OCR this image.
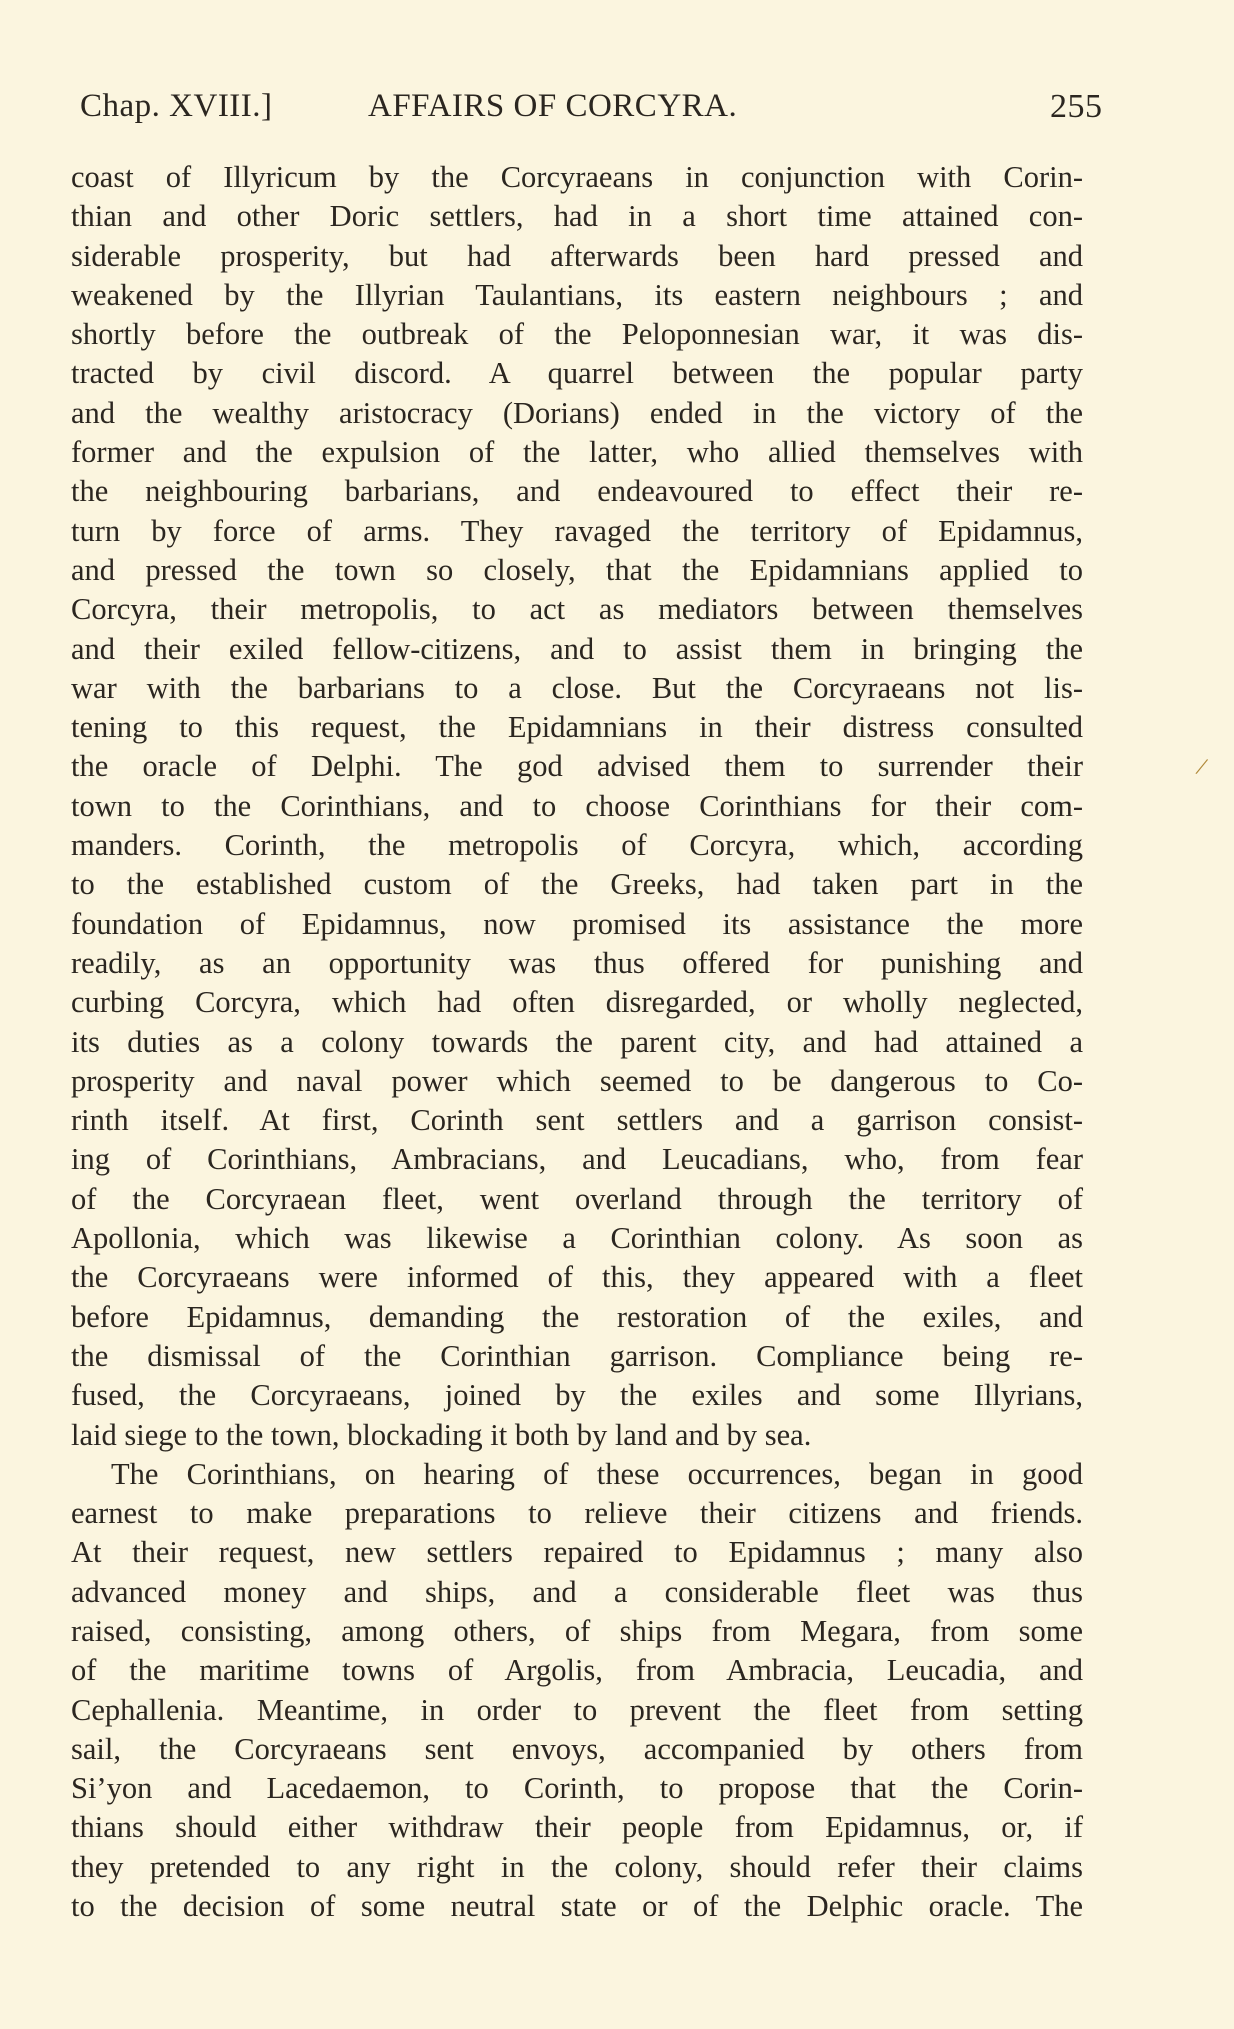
Chap. XVIII.]	AFFAIRS OF CORCYRA.	255
coast of Illyricum by the Corcyraeans in conjunction with Corin-
thian and other Doric settlers, had in a short time attained con-
siderable prosperity, but had afterwards been hard pressed and
weakened by the Illyrian Taulantians, its eastern neighbours ; and
shortly before the outbreak of the Peloponnesian war, it was dis-
tracted by civil discord. A quarrel between the popular party
and the wealthy aristocracy (Dorians) ended in the victory of the
former and the expulsion of the latter, who allied themselves with
the neighbouring barbarians, and endeavoured to effect their re-
turn by force of arms. They ravaged the territory of Epidamnus,
and pressed the town so closely, that the Epidamnians applied to
Corcyra, their metropolis, to act as mediators between themselves
and their exiled fellow-citizens, and to assist them in bringing the
war with the barbarians to a close. But the Corcyraeans not lis-
tening to this request, the Epidamnians in their distress consulted
the oracle of Delphi. The god advised them to surrender their
town to the Corinthians, and to choose Corinthians for their com-
manders. Corinth, the metropolis of Corcyra, which, according
to the established custom of the Greeks, had taken part in the
foundation of Epidamnus, now promised its assistance the more
readily, as an opportunity was thus offered for punishing and
curbing Corcyra, which had often disregarded, or wholly neglected,
its duties as a colony towards the parent city, and had attained a
prosperity and naval power which seemed to be dangerous to Co-
rinth itself. At first, Corinth sent settlers and a garrison consist-
ing of Corinthians, Ambracians, and Leucadians, who, from fear
of the Corcyraean fleet, went overland through the territory of
Apollonia, which was likewise a Corinthian colony. As soon as
the Corcyraeans were informed of this, they appeared with a fleet
before Epidamnus, demanding the restoration of the exiles, and
the dismissal of the Corinthian garrison. Compliance being re-
fused, the Corcyraeans, joined by the exiles and some Illyrians,
laid siege to the town, blockading it both by land and by sea.
The Corinthians, on hearing of these occurrences, began in good
earnest to make preparations to relieve their citizens and friends.
At their request, new settlers repaired to Epidamnus ; many also
advanced money and ships, and a considerable fleet was thus
raised, consisting, among others, of ships from Megara, from some
of the maritime towns of Argolis, from Ambracia, Leucadia, and
Cephallenia. Meantime, in order to prevent the fleet from setting
sail, the Corcyraeans sent envoys, accompanied by others from
Si’yon and Lacedaemon, to Corinth, to propose that the Corin-
thians should either withdraw their people from Epidamnus, or, if
they pretended to any right in the colony, should refer their claims
to the decision of some neutral state or of the Delphic oracle. The
/
